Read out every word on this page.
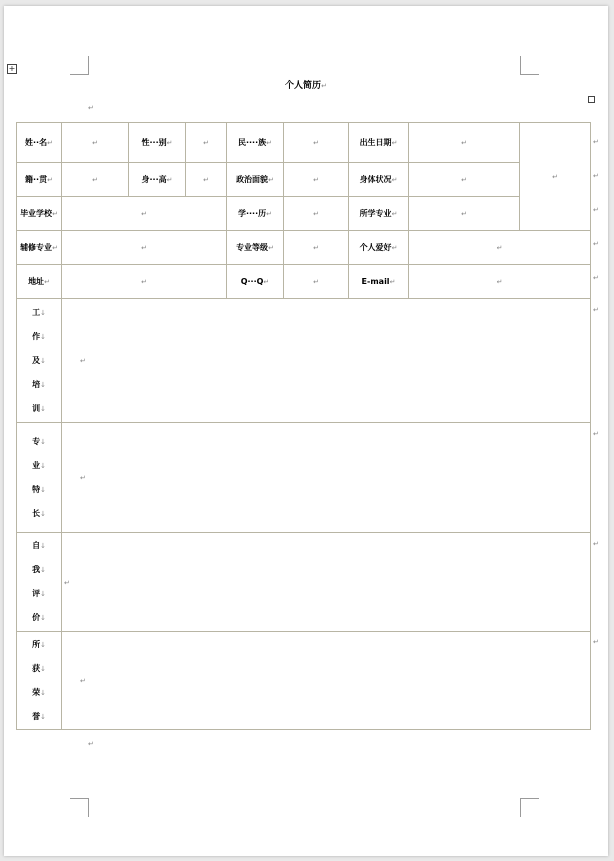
+
个人简历↵
↵
姓··名↵	↵	性···别↵	↵	民····族↵	↵	出生日期↵	↵	↵
籍··贯↵	↵	身···高↵	↵	政治面貌↵	↵	身体状况↵	↵	
毕业学校↵	↵			学····历↵	↵	所学专业↵	↵	
辅修专业↵	↵			专业等级↵	↵	个人爱好↵	↵	
地址↵	↵			Q···Q↵	↵	E-mail↵	↵	

工↓
作↓
及↓
培↓
训↓	↵							

专↓
业↓
特↓
长↓	↵							

自↓
我↓
评↓
价↓	↵							

所↓
获↓
荣↓
誉↓	↵							
↵
↵
↵
↵
↵
↵
↵
↵
↵
↵
